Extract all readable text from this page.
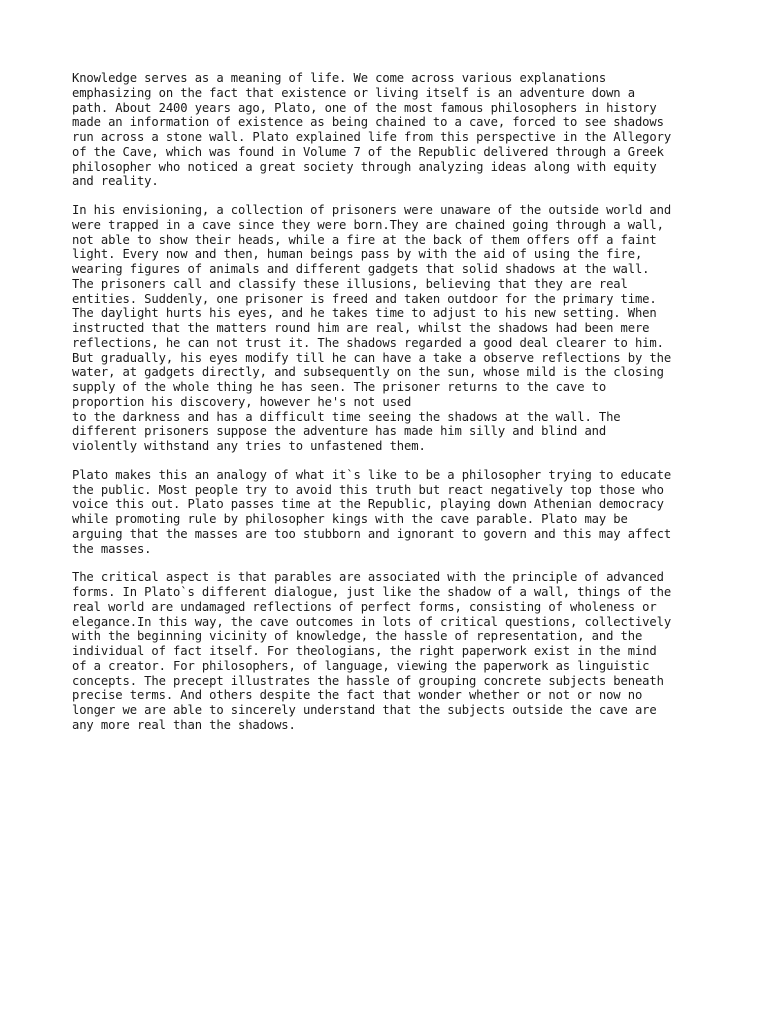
Knowledge serves as a meaning of life. We come across various explanations
emphasizing on the fact that existence or living itself is an adventure down a
path. About 2400 years ago, Plato, one of the most famous philosophers in history
made an information of existence as being chained to a cave, forced to see shadows
run across a stone wall. Plato explained life from this perspective in the Allegory
of the Cave, which was found in Volume 7 of the Republic delivered through a Greek
philosopher who noticed a great society through analyzing ideas along with equity
and reality.

In his envisioning, a collection of prisoners were unaware of the outside world and
were trapped in a cave since they were born.They are chained going through a wall,
not able to show their heads, while a fire at the back of them offers off a faint
light. Every now and then, human beings pass by with the aid of using the fire,
wearing figures of animals and different gadgets that solid shadows at the wall.
The prisoners call and classify these illusions, believing that they are real
entities. Suddenly, one prisoner is freed and taken outdoor for the primary time.
The daylight hurts his eyes, and he takes time to adjust to his new setting. When
instructed that the matters round him are real, whilst the shadows had been mere
reflections, he can not trust it. The shadows regarded a good deal clearer to him.
But gradually, his eyes modify till he can have a take a observe reflections by the
water, at gadgets directly, and subsequently on the sun, whose mild is the closing
supply of the whole thing he has seen. The prisoner returns to the cave to
proportion his discovery, however he's not used
to the darkness and has a difficult time seeing the shadows at the wall. The
different prisoners suppose the adventure has made him silly and blind and
violently withstand any tries to unfastened them.

Plato makes this an analogy of what it`s like to be a philosopher trying to educate
the public. Most people try to avoid this truth but react negatively top those who
voice this out. Plato passes time at the Republic, playing down Athenian democracy
while promoting rule by philosopher kings with the cave parable. Plato may be
arguing that the masses are too stubborn and ignorant to govern and this may affect
the masses.

The critical aspect is that parables are associated with the principle of advanced
forms. In Plato`s different dialogue, just like the shadow of a wall, things of the
real world are undamaged reflections of perfect forms, consisting of wholeness or
elegance.In this way, the cave outcomes in lots of critical questions, collectively
with the beginning vicinity of knowledge, the hassle of representation, and the
individual of fact itself. For theologians, the right paperwork exist in the mind
of a creator. For philosophers, of language, viewing the paperwork as linguistic
concepts. The precept illustrates the hassle of grouping concrete subjects beneath
precise terms. And others despite the fact that wonder whether or not or now no
longer we are able to sincerely understand that the subjects outside the cave are
any more real than the shadows.
